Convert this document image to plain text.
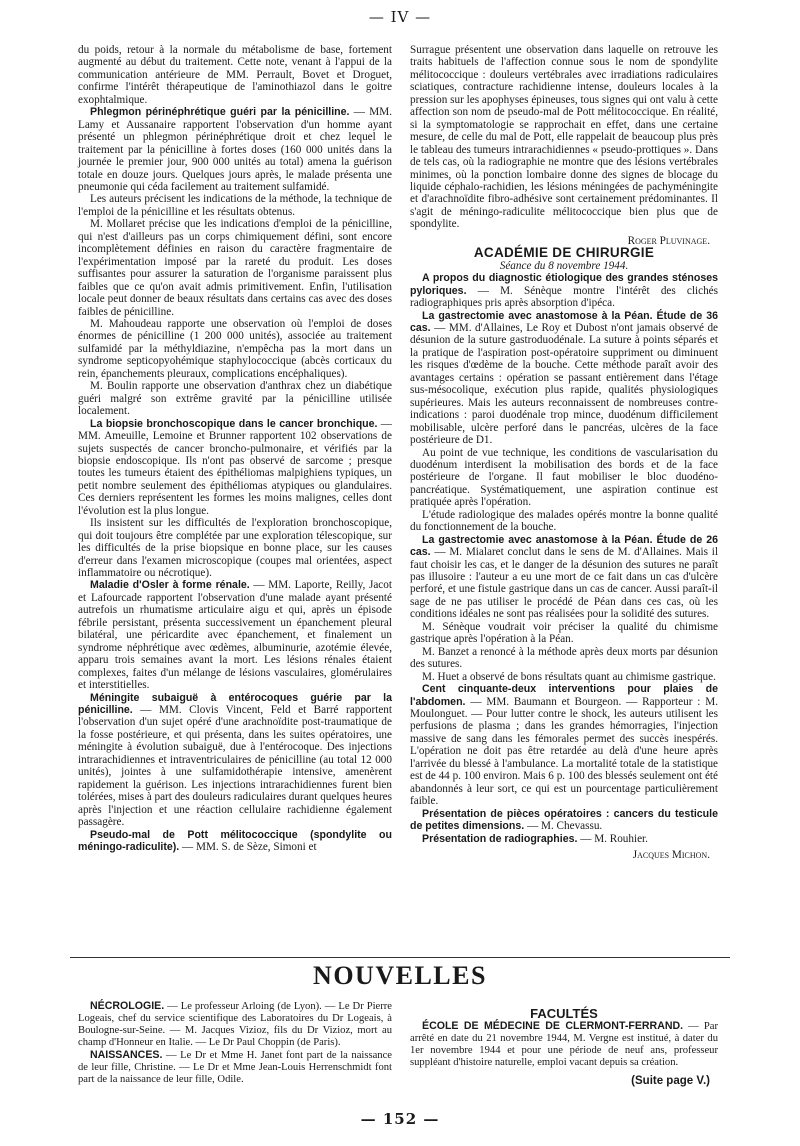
— IV —

du poids, retour à la normale du métabolisme de base, fortement augmenté au début du traitement. Cette note, venant à l'appui de la communication antérieure de MM. Perrault, Bovet et Droguet, confirme l'intérêt thérapeutique de l'aminothiazol dans le goitre exophtalmique.

Phlegmon périnéphrétique guéri par la pénicilline. — MM. Lamy et Aussanaire rapportent l'observation d'un homme ayant présenté un phlegmon périnéphrétique droit et chez lequel le traitement par la pénicilline à fortes doses (160 000 unités dans la journée le premier jour, 900 000 unités au total) amena la guérison totale en douze jours. Quelques jours après, le malade présenta une pneumonie qui céda facilement au traitement sulfamidé.

Les auteurs précisent les indications de la méthode, la technique de l'emploi de la pénicilline et les résultats obtenus.

M. Mollaret précise que les indications d'emploi de la pénicilline, qui n'est d'ailleurs pas un corps chimiquement défini, sont encore incomplètement définies en raison du caractère fragmentaire de l'expérimentation imposé par la rareté du produit. Les doses suffisantes pour assurer la saturation de l'organisme paraissent plus faibles que ce qu'on avait admis primitivement. Enfin, l'utilisation locale peut donner de beaux résultats dans certains cas avec des doses faibles de pénicilline.

M. Mahoudeau rapporte une observation où l'emploi de doses énormes de pénicilline (1 200 000 unités), associée au traitement sulfamidé par la méthyldiazine, n'empêcha pas la mort dans un syndrome septicopyohémique staphylococcique (abcès corticaux du rein, épanchements pleuraux, complications encéphaliques).

M. Boulin rapporte une observation d'anthrax chez un diabétique guéri malgré son extrême gravité par la pénicilline utilisée localement.

La biopsie bronchoscopique dans le cancer bronchique. — MM. Ameuille, Lemoine et Brunner rapportent 102 observations de sujets suspectés de cancer broncho-pulmonaire, et vérifiés par la biopsie endoscopique. Ils n'ont pas observé de sarcome ; presque toutes les tumeurs étaient des épithéliomas malpighiens typiques, un petit nombre seulement des épithéliomas atypiques ou glandulaires. Ces derniers représentent les formes les moins malignes, celles dont l'évolution est la plus longue.

Ils insistent sur les difficultés de l'exploration bronchoscopique, qui doit toujours être complétée par une exploration télescopique, sur les difficultés de la prise biopsique en bonne place, sur les causes d'erreur dans l'examen microscopique (coupes mal orientées, aspect inflammatoire ou nécrotique).

Maladie d'Osler à forme rénale. — MM. Laporte, Reilly, Jacot et Lafourcade rapportent l'observation d'une malade ayant présenté autrefois un rhumatisme articulaire aigu et qui, après un épisode fébrile persistant, présenta successivement un épanchement pleural bilatéral, une péricardite avec épanchement, et finalement un syndrome néphrétique avec œdèmes, albuminurie, azotémie élevée, apparu trois semaines avant la mort. Les lésions rénales étaient complexes, faites d'un mélange de lésions vasculaires, glomérulaires et interstitielles.

Méningite subaiguë à entérocoques guérie par la pénicilline. — MM. Clovis Vincent, Feld et Barré rapportent l'observation d'un sujet opéré d'une arachnoïdite post-traumatique de la fosse postérieure, et qui présenta, dans les suites opératoires, une méningite à évolution subaiguë, due à l'entérocoque. Des injections intrarachidiennes et intraventriculaires de pénicilline (au total 12 000 unités), jointes à une sulfamidothérapie intensive, amenèrent rapidement la guérison. Les injections intrarachidiennes furent bien tolérées, mises à part des douleurs radiculaires durant quelques heures après l'injection et une réaction cellulaire rachidienne également passagère.

Pseudo-mal de Pott mélitococcique (spondylite ou méningo-radiculite). — MM. S. de Sèze, Simoni et

Surrague présentent une observation dans laquelle on retrouve les traits habituels de l'affection connue sous le nom de spondylite mélitococcique : douleurs vertébrales avec irradiations radiculaires sciatiques, contracture rachidienne intense, douleurs locales à la pression sur les apophyses épineuses, tous signes qui ont valu à cette affection son nom de pseudo-mal de Pott mélitococcique. En réalité, si la symptomatologie se rapprochait en effet, dans une certaine mesure, de celle du mal de Pott, elle rappelait de beaucoup plus près le tableau des tumeurs intrarachidiennes « pseudo-prottiques ». Dans de tels cas, où la radiographie ne montre que des lésions vertébrales minimes, où la ponction lombaire donne des signes de blocage du liquide céphalo-rachidien, les lésions méningées de pachyméningite et d'arachnoïdite fibro-adhésive sont certainement prédominantes. Il s'agit de méningo-radiculite mélitococcique bien plus que de spondylite.

Roger Pluvinage.

ACADÉMIE DE CHIRURGIE

Séance du 8 novembre 1944.

A propos du diagnostic étiologique des grandes sténoses pyloriques. — M. Sénèque montre l'intérêt des clichés radiographiques pris après absorption d'ipéca.

La gastrectomie avec anastomose à la Péan. Étude de 36 cas. — MM. d'Allaines, Le Roy et Dubost n'ont jamais observé de désunion de la suture gastroduodénale. La suture à points séparés et la pratique de l'aspiration post-opératoire suppriment ou diminuent les risques d'œdème de la bouche. Cette méthode paraît avoir des avantages certains : opération se passant entièrement dans l'étage sus-mésocolique, exécution plus rapide, qualités physiologiques supérieures. Mais les auteurs reconnaissent de nombreuses contre-indications : paroi duodénale trop mince, duodénum difficilement mobilisable, ulcère perforé dans le pancréas, ulcères de la face postérieure de D1.

Au point de vue technique, les conditions de vascularisation du duodénum interdisent la mobilisation des bords et de la face postérieure de l'organe. Il faut mobiliser le bloc duodéno-pancréatique. Systématiquement, une aspiration continue est pratiquée après l'opération.

L'étude radiologique des malades opérés montre la bonne qualité du fonctionnement de la bouche.

La gastrectomie avec anastomose à la Péan. Étude de 26 cas. — M. Mialaret conclut dans le sens de M. d'Allaines. Mais il faut choisir les cas, et le danger de la désunion des sutures ne paraît pas illusoire : l'auteur a eu une mort de ce fait dans un cas d'ulcère perforé, et une fistule gastrique dans un cas de cancer. Aussi paraît-il sage de ne pas utiliser le procédé de Péan dans ces cas, où les conditions idéales ne sont pas réalisées pour la solidité des sutures.

M. Sénèque voudrait voir préciser la qualité du chimisme gastrique après l'opération à la Péan.

M. Banzet a renoncé à la méthode après deux morts par désunion des sutures.

M. Huet a observé de bons résultats quant au chimisme gastrique.

Cent cinquante-deux interventions pour plaies de l'abdomen. — MM. Baumann et Bourgeon. — Rapporteur : M. Moulonguet. — Pour lutter contre le shock, les auteurs utilisent les perfusions de plasma ; dans les grandes hémorragies, l'injection massive de sang dans les fémorales permet des succès inespérés. L'opération ne doit pas être retardée au delà d'une heure après l'arrivée du blessé à l'ambulance. La mortalité totale de la statistique est de 44 p. 100 environ. Mais 6 p. 100 des blessés seulement ont été abandonnés à leur sort, ce qui est un pourcentage particulièrement faible.

Présentation de pièces opératoires : cancers du testicule de petites dimensions. — M. Chevassu.

Présentation de radiographies. — M. Rouhier.

Jacques Michon.

NOUVELLES

NÉCROLOGIE. — Le professeur Arloing (de Lyon). — Le Dr Pierre Logeais, chef du service scientifique des Laboratoires du Dr Logeais, à Boulogne-sur-Seine. — M. Jacques Vizioz, fils du Dr Vizioz, mort au champ d'Honneur en Italie. — Le Dr Paul Choppin (de Paris).

NAISSANCES. — Le Dr et Mme H. Janet font part de la naissance de leur fille, Christine. — Le Dr et Mme Jean-Louis Herrenschmidt font part de la naissance de leur fille, Odile.

FACULTÉS

ÉCOLE DE MÉDECINE DE CLERMONT-FERRAND. — Par arrêté en date du 21 novembre 1944, M. Vergne est institué, à dater du 1er novembre 1944 et pour une période de neuf ans, professeur suppléant d'histoire naturelle, emploi vacant depuis sa création.

(Suite page V.)

— 152 —
